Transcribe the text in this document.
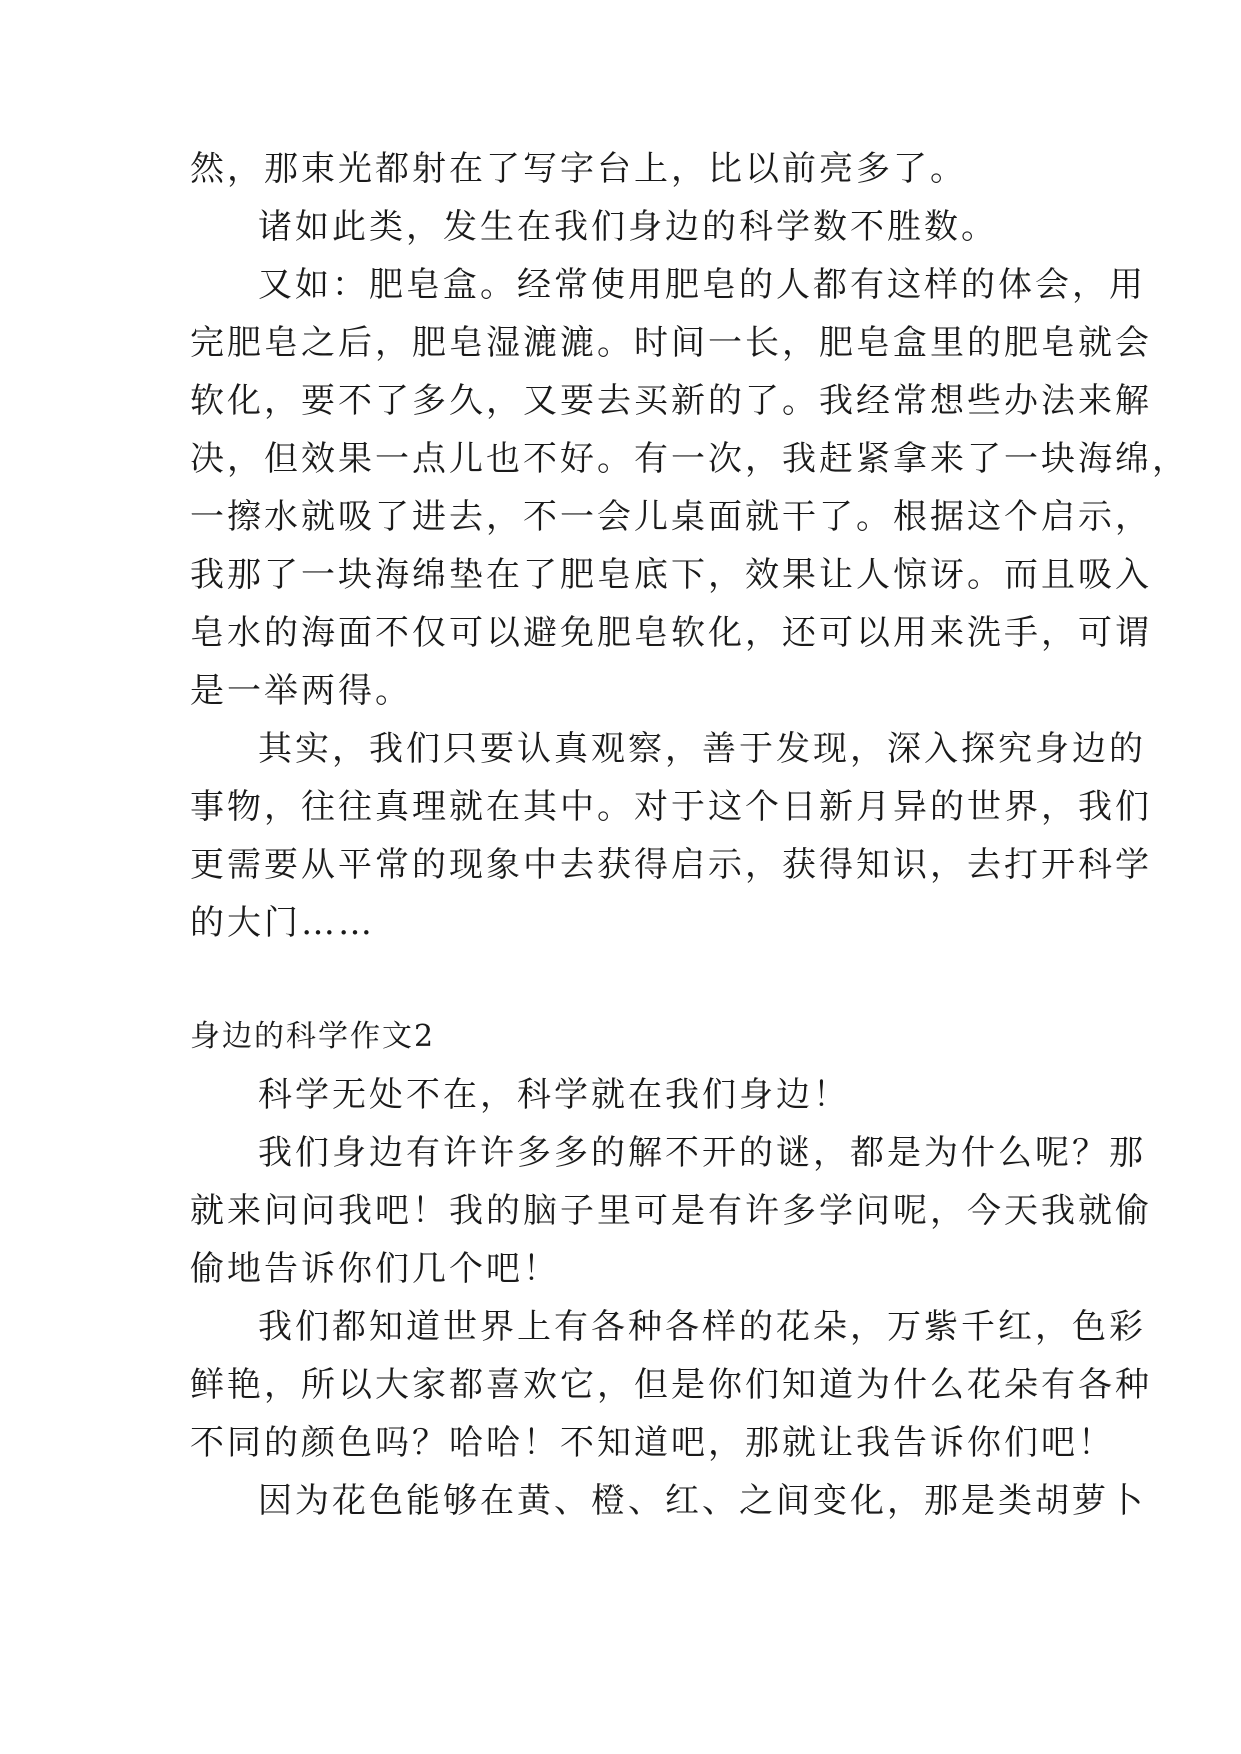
然，那束光都射在了写字台上，比以前亮多了。
诸如此类，发生在我们身边的科学数不胜数。
又如：肥皂盒。经常使用肥皂的人都有这样的体会，用
完肥皂之后，肥皂湿漉漉。时间一长，肥皂盒里的肥皂就会
软化，要不了多久，又要去买新的了。我经常想些办法来解
决，但效果一点儿也不好。有一次，我赶紧拿来了一块海绵，
一擦水就吸了进去，不一会儿桌面就干了。根据这个启示，
我那了一块海绵垫在了肥皂底下，效果让人惊讶。而且吸入
皂水的海面不仅可以避免肥皂软化，还可以用来洗手，可谓
是一举两得。
其实，我们只要认真观察，善于发现，深入探究身边的
事物，往往真理就在其中。对于这个日新月异的世界，我们
更需要从平常的现象中去获得启示，获得知识，去打开科学
的大门……
身边的科学作文2
科学无处不在，科学就在我们身边！
我们身边有许许多多的解不开的谜，都是为什么呢？那
就来问问我吧！我的脑子里可是有许多学问呢，今天我就偷
偷地告诉你们几个吧！
我们都知道世界上有各种各样的花朵，万紫千红，色彩
鲜艳，所以大家都喜欢它，但是你们知道为什么花朵有各种
不同的颜色吗？哈哈！不知道吧，那就让我告诉你们吧！
因为花色能够在黄、橙、红、之间变化，那是类胡萝卜
